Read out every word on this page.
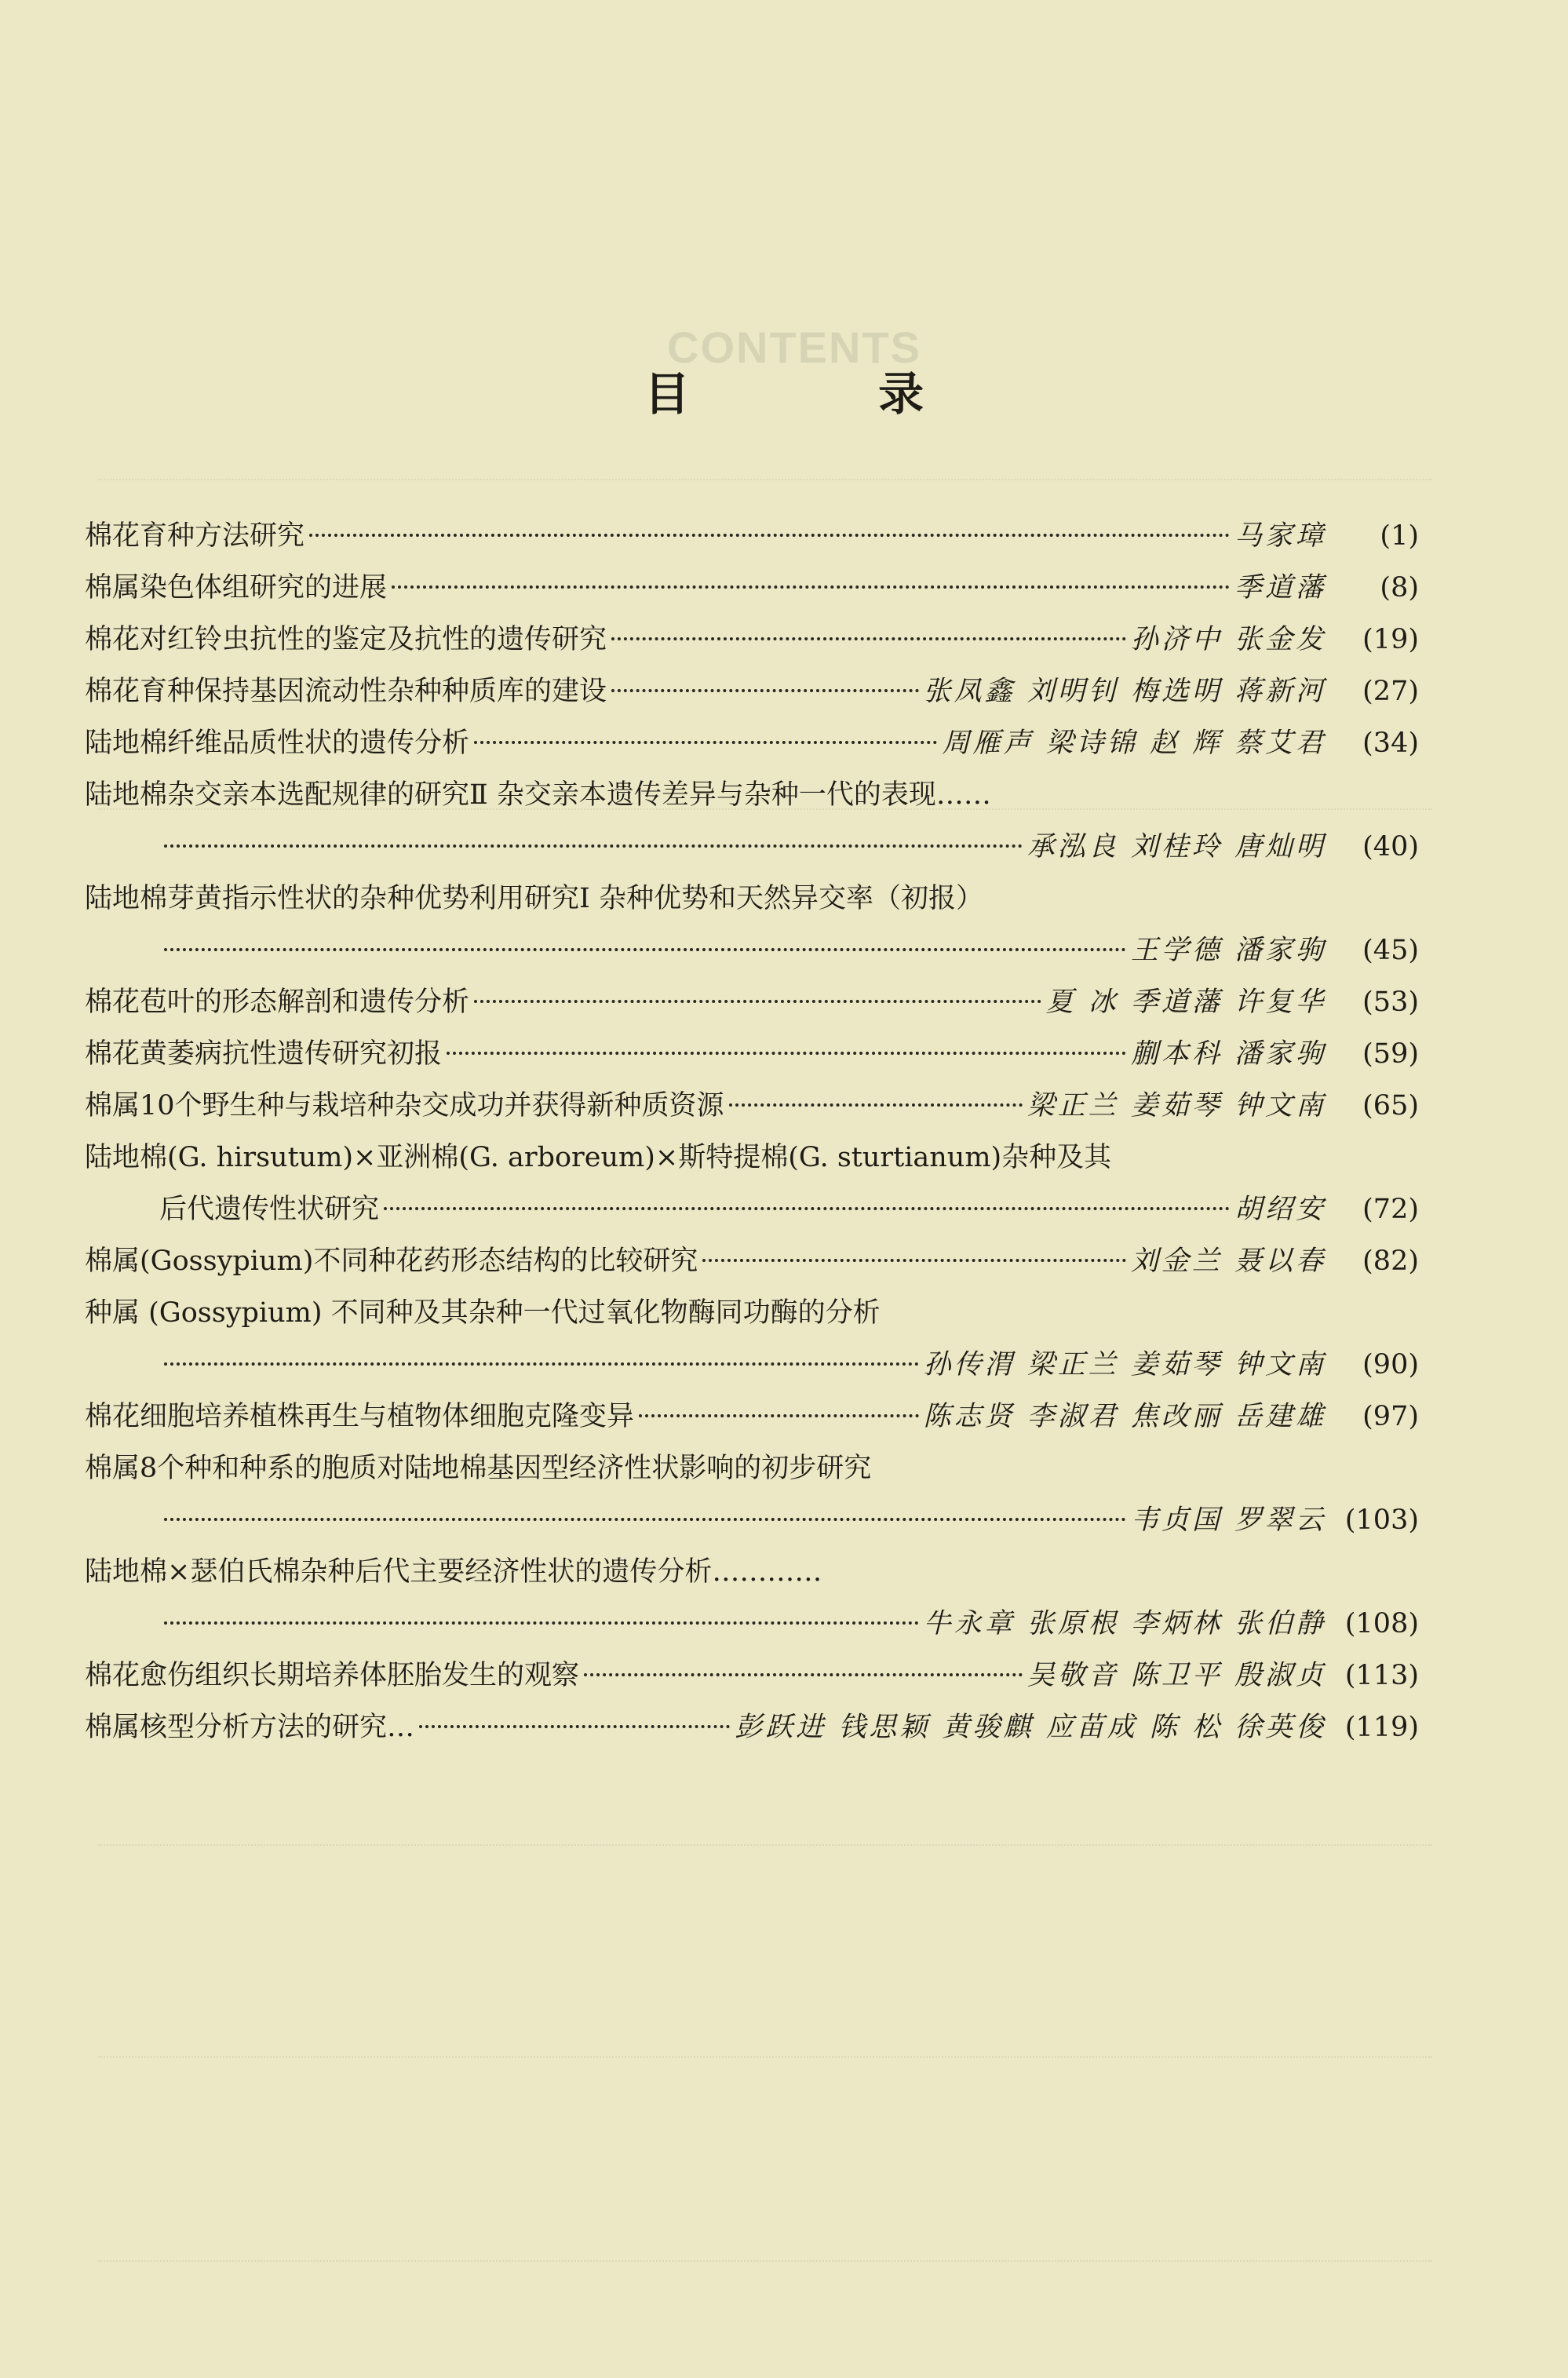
CONTENTS
目 录
棉花育种方法研究	马家璋	(1)
棉属染色体组研究的进展	季道藩	(8)
棉花对红铃虫抗性的鉴定及抗性的遗传研究	孙济中 张金发	(19)
棉花育种保持基因流动性杂种种质库的建设	张凤鑫 刘明钊 梅选明 蒋新河	(27)
陆地棉纤维品质性状的遗传分析	周雁声 梁诗锦 赵 辉 蔡艾君	(34)
陆地棉杂交亲本选配规律的研究Ⅱ 杂交亲本遗传差异与杂种一代的表现……
承泓良 刘桂玲 唐灿明	(40)
陆地棉芽黄指示性状的杂种优势利用研究Ⅰ 杂种优势和天然异交率（初报）
王学德 潘家驹	(45)
棉花苞叶的形态解剖和遗传分析	夏 冰 季道藩 许复华	(53)
棉花黄萎病抗性遗传研究初报	蒯本科 潘家驹	(59)
棉属10个野生种与栽培种杂交成功并获得新种质资源	梁正兰 姜茹琴 钟文南	(65)
陆地棉(G. hirsutum)×亚洲棉(G. arboreum)×斯特提棉(G. sturtianum)杂种及其
后代遗传性状研究	胡绍安	(72)
棉属(Gossypium)不同种花药形态结构的比较研究	刘金兰 聂以春	(82)
种属 (Gossypium) 不同种及其杂种一代过氧化物酶同功酶的分析
孙传渭 梁正兰 姜茹琴 钟文南	(90)
棉花细胞培养植株再生与植物体细胞克隆变异	陈志贤 李淑君 焦改丽 岳建雄	(97)
棉属8个种和种系的胞质对陆地棉基因型经济性状影响的初步研究
韦贞国 罗翠云 (103)
陆地棉×瑟伯氏棉杂种后代主要经济性状的遗传分析…………
牛永章 张原根 李炳林 张伯静 (108)
棉花愈伤组织长期培养体胚胎发生的观察	吴敬音 陈卫平 殷淑贞 (113)
棉属核型分析方法的研究…	彭跃进 钱思颖 黄骏麒 应苗成 陈 松 徐英俊 (119)
